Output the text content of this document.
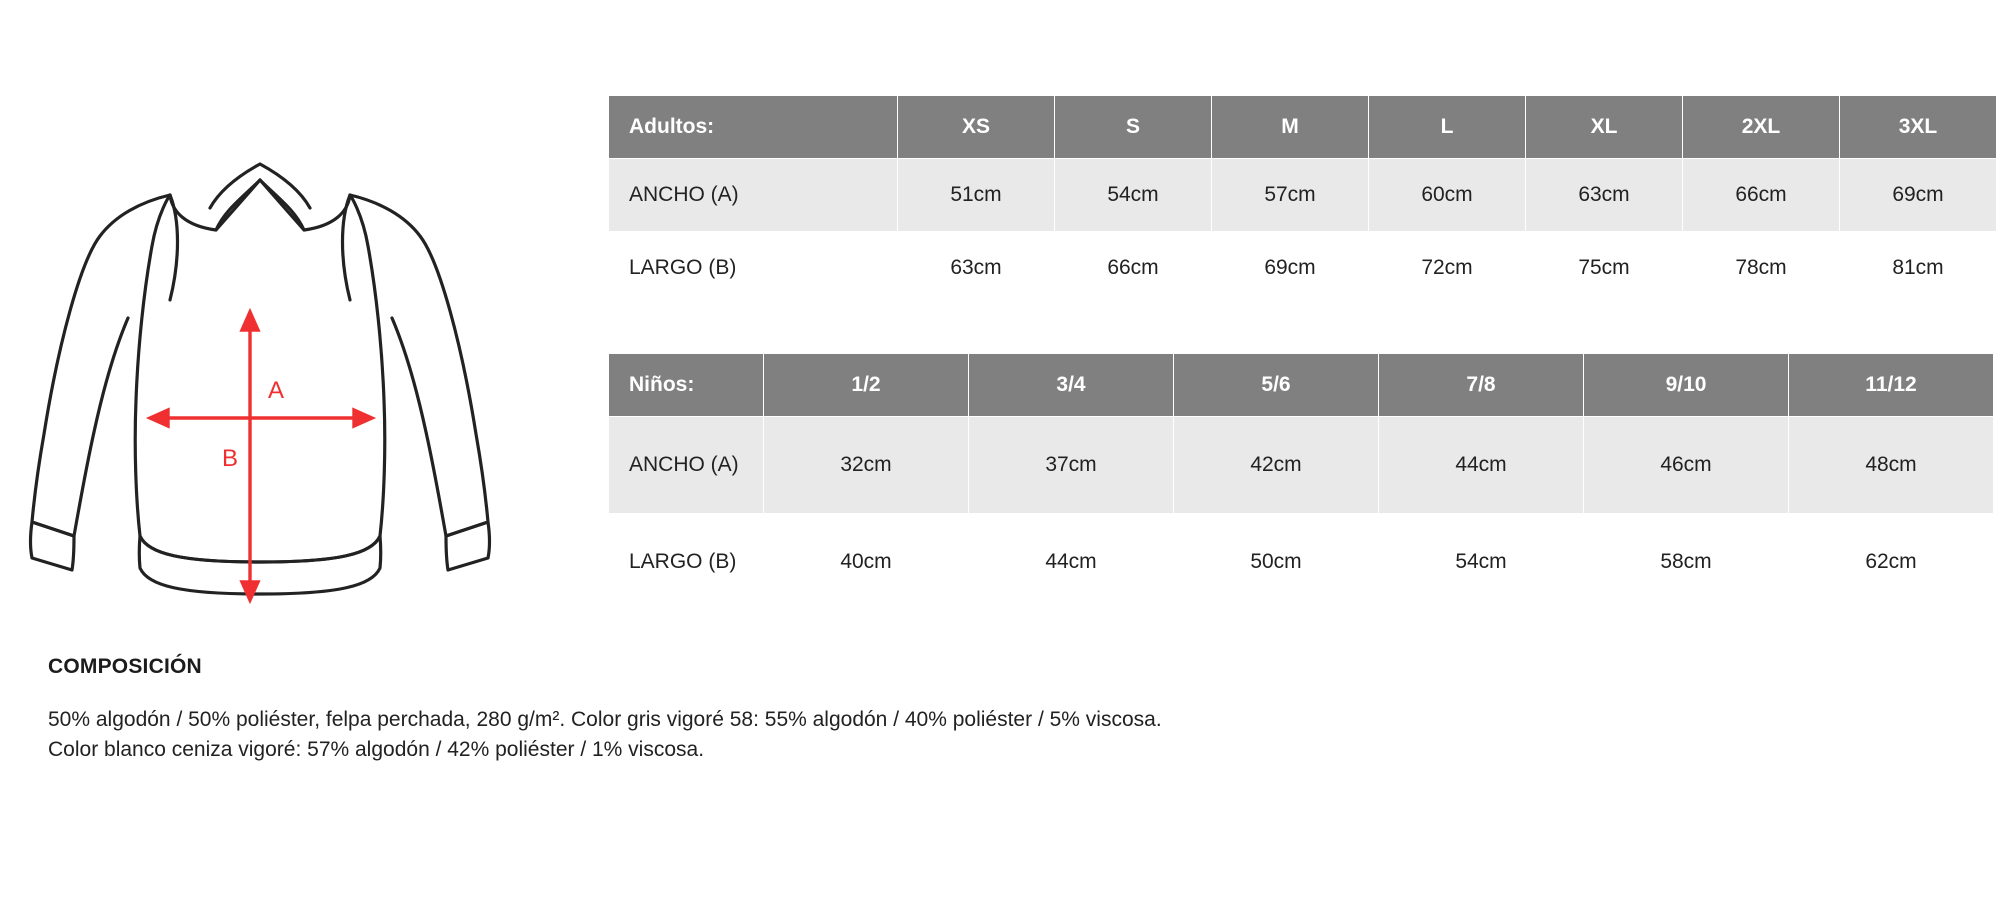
A
B
Adultos:	XS	S	M	L	XL	2XL	3XL
ANCHO (A)	51cm	54cm	57cm	60cm	63cm	66cm	69cm
LARGO (B)	63cm	66cm	69cm	72cm	75cm	78cm	81cm
Niños:	1/2	3/4	5/6	7/8	9/10	11/12
ANCHO (A)	32cm	37cm	42cm	44cm	46cm	48cm
LARGO (B)	40cm	44cm	50cm	54cm	58cm	62cm

COMPOSICIÓN

50% algodón / 50% poliéster, felpa perchada, 280 g/m². Color gris vigoré 58: 55% algodón / 40% poliéster / 5% viscosa. Color blanco ceniza vigoré: 57% algodón / 42% poliéster / 1% viscosa.
